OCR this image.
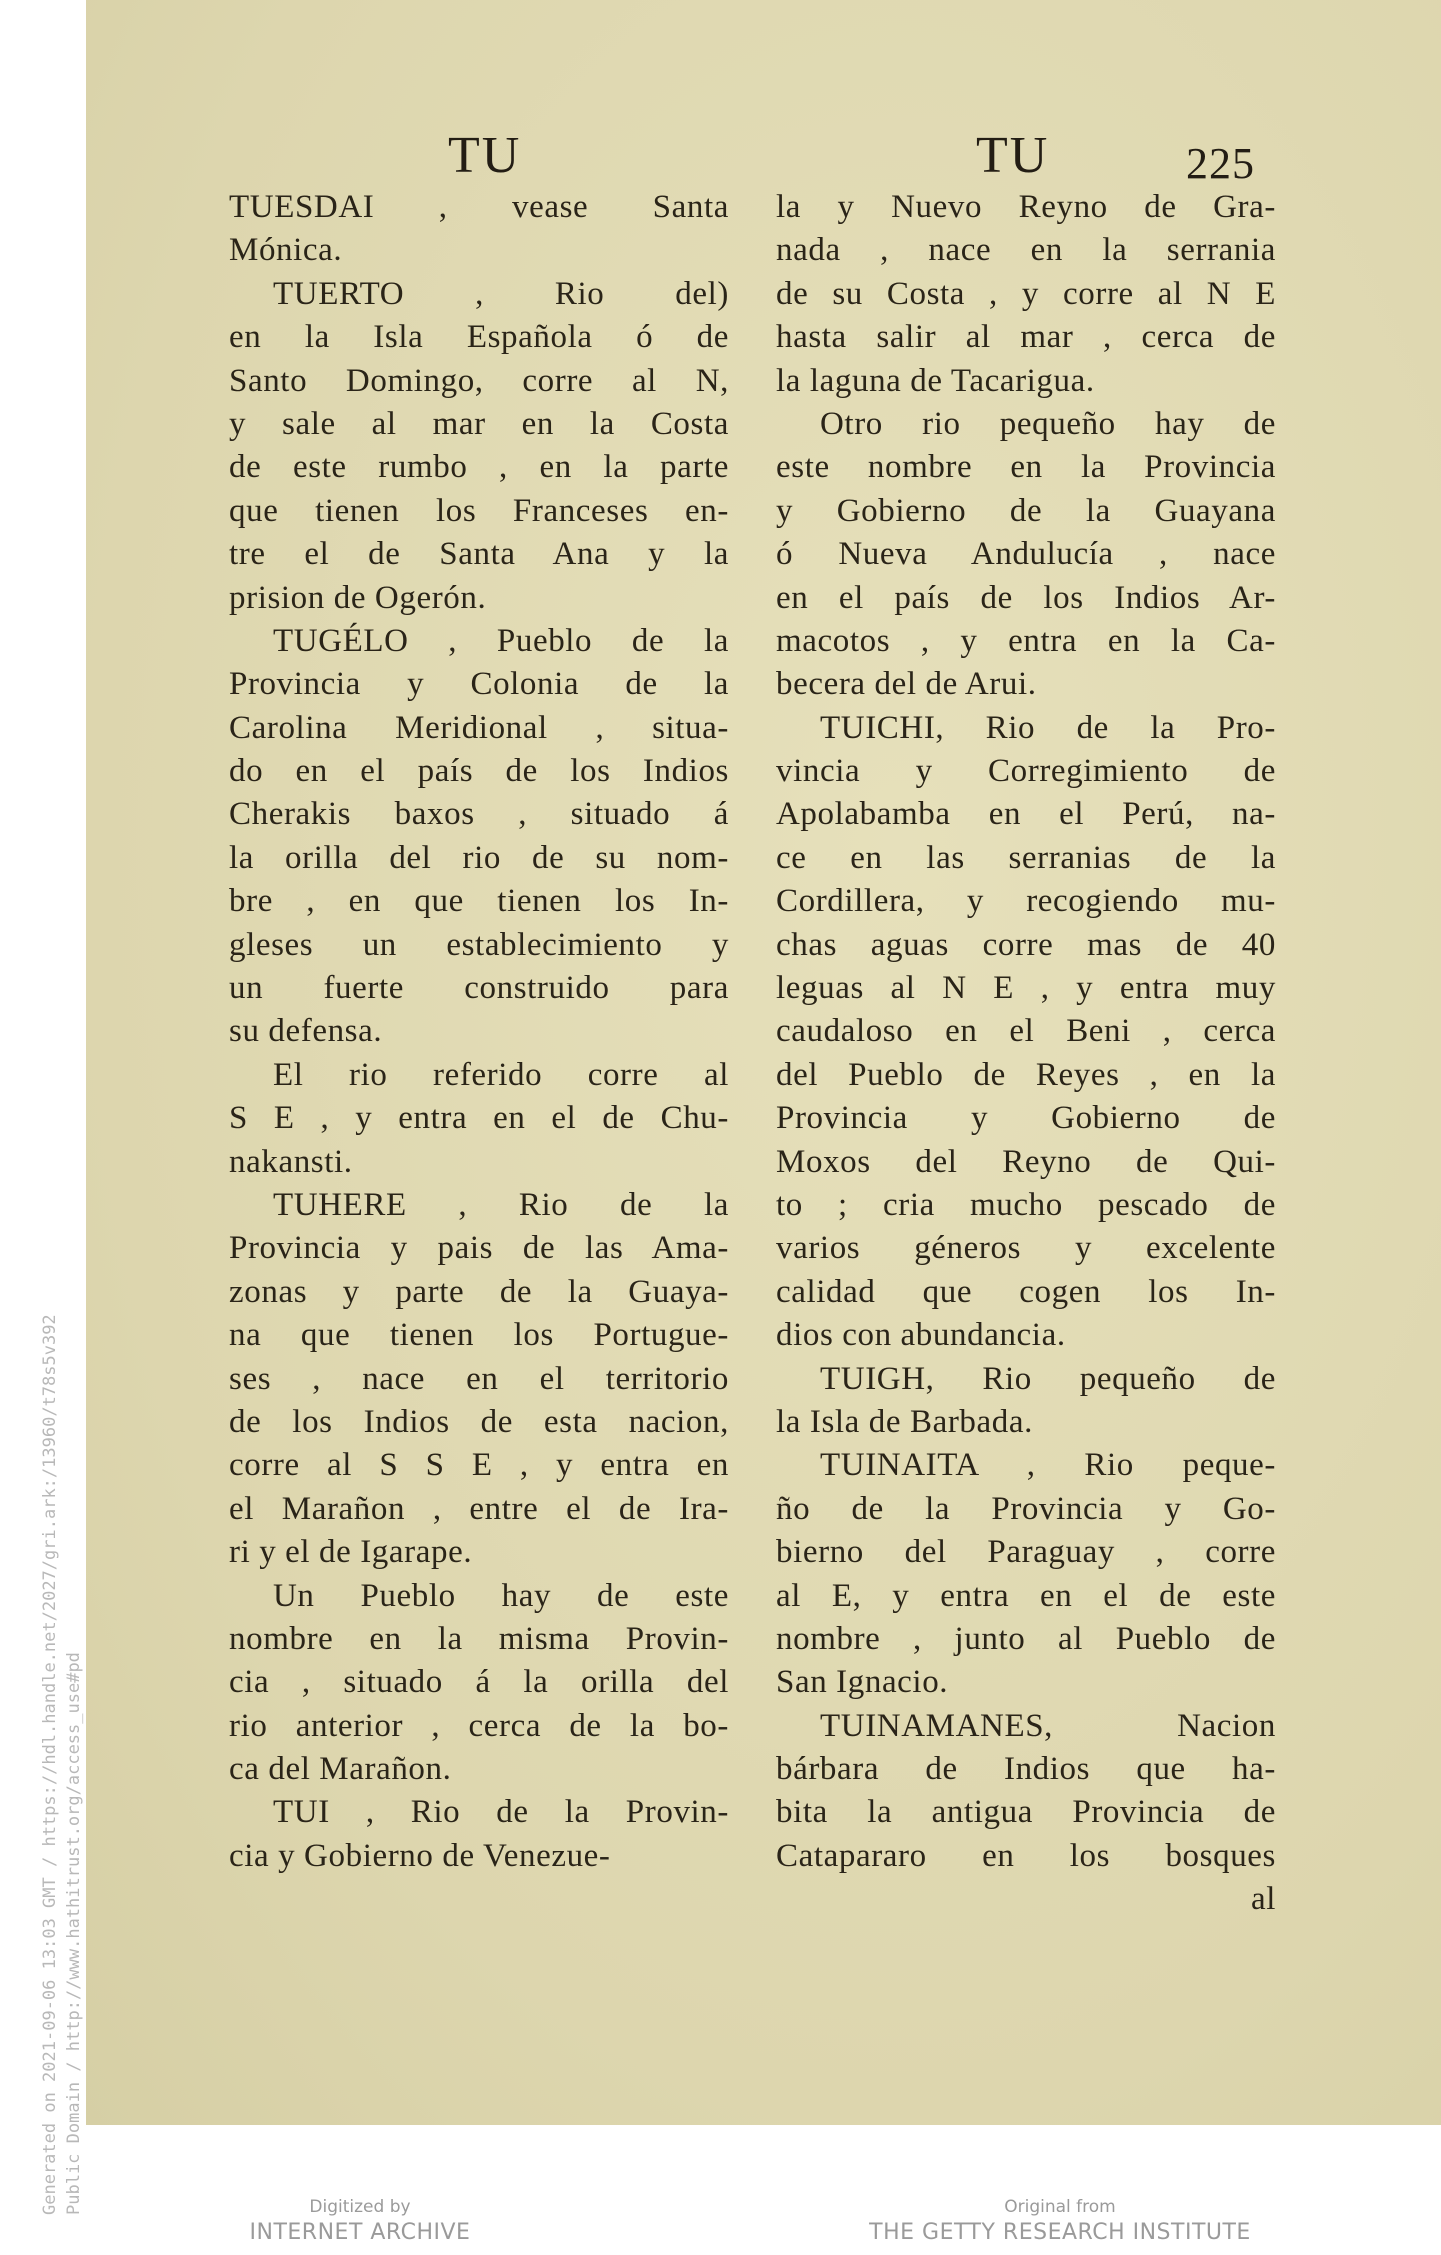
Generated on 2021-09-06 13:03 GMT / https://hdl.handle.net/2027/gri.ark:/13960/t78s5v392 Public Domain / http://www.hathitrust.org/access_use#pd
TU	TU	225
TUESDAI , vease Santa
Mónica.
TUERTO , Rio del)
en la Isla Española ó de
Santo Domingo, corre al N,
y sale al mar en la Costa
de este rumbo , en la parte
que tienen los Franceses en-
tre el de Santa Ana y la
prision de Ogerón.
TUGÉLO , Pueblo de la
Provincia y Colonia de la
Carolina Meridional , situa-
do en el país de los Indios
Cherakis baxos , situado á
la orilla del rio de su nom-
bre , en que tienen los In-
gleses un establecimiento y
un fuerte construido para
su defensa.
El rio referido corre al
S E , y entra en el de Chu-
nakansti.
TUHERE , Rio de la
Provincia y pais de las Ama-
zonas y parte de la Guaya-
na que tienen los Portugue-
ses , nace en el territorio
de los Indios de esta nacion,
corre al S S E , y entra en
el Marañon , entre el de Ira-
ri y el de Igarape.
Un Pueblo hay de este
nombre en la misma Provin-
cia , situado á la orilla del
rio anterior , cerca de la bo-
ca del Marañon.
TUI , Rio de la Provin-
cia y Gobierno de Venezue-
la y Nuevo Reyno de Gra-
nada , nace en la serrania
de su Costa , y corre al N E
hasta salir al mar , cerca de
la laguna de Tacarigua.
Otro rio pequeño hay de
este nombre en la Provincia
y Gobierno de la Guayana
ó Nueva Andulucía , nace
en el país de los Indios Ar-
macotos , y entra en la Ca-
becera del de Arui.
TUICHI, Rio de la Pro-
vincia y Corregimiento de
Apolabamba en el Perú, na-
ce en las serranias de la
Cordillera, y recogiendo mu-
chas aguas corre mas de 40
leguas al N E , y entra muy
caudaloso en el Beni , cerca
del Pueblo de Reyes , en la
Provincia y Gobierno de
Moxos del Reyno de Qui-
to ; cria mucho pescado de
varios géneros y excelente
calidad que cogen los In-
dios con abundancia.
TUIGH, Rio pequeño de
la Isla de Barbada.
TUINAITA , Rio peque-
ño de la Provincia y Go-
bierno del Paraguay , corre
al E, y entra en el de este
nombre , junto al Pueblo de
San Ignacio.
TUINAMANES, Nacion
bárbara de Indios que ha-
bita la antigua Provincia de
Catapararo en los bosques
al
Digitized by
INTERNET ARCHIVE
Original from
THE GETTY RESEARCH INSTITUTE
